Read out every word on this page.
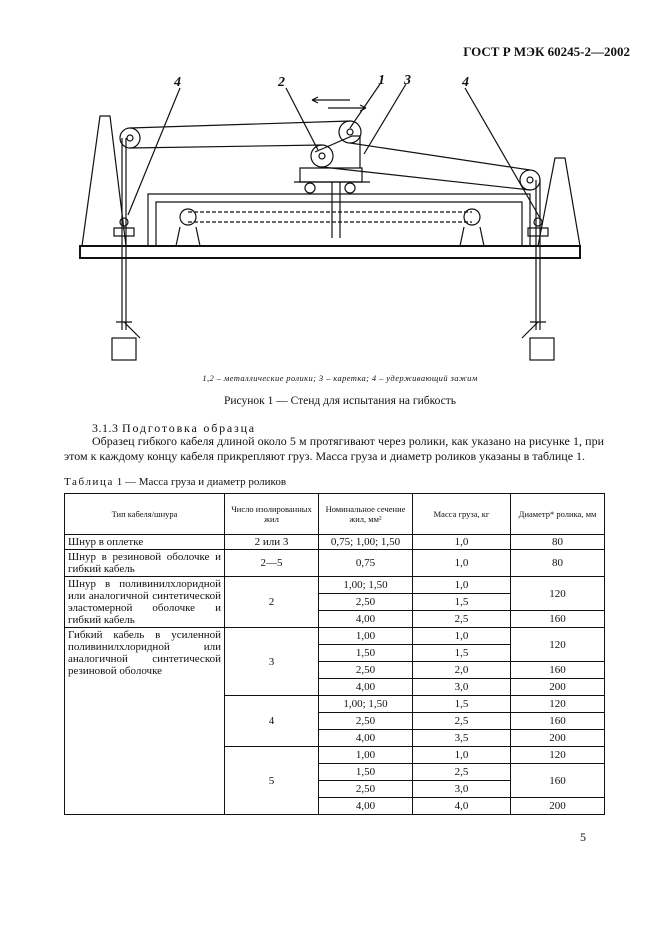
ГОСТ Р МЭК 60245-2—2002
4	2	1 3	4
1,2 – металлические ролики; 3 – каретка; 4 – удерживающий зажим
Рисунок 1 — Стенд для испытания на гибкость
3.1.3 Подготовка образца
Образец гибкого кабеля длиной около 5 м протягивают через ролики, как указано на рисунке 1, при этом к каждому концу кабеля прикрепляют груз. Масса груза и диаметр роликов указаны в таблице 1.
Таблица 1 — Масса груза и диаметр роликов
Тип кабеля/шнура	Число изолированных жил	Номинальное сечение жил, мм²	Масса груза, кг	Диаметр* ролика, мм
Шнур в оплетке	2 или 3	0,75; 1,00; 1,50	1,0	80
Шнур в резиновой оболочке и гибкий кабель	2—5	0,75	1,0	80
Шнур в поливинилхлоридной или аналогичной синтетической эластомерной оболочке и гибкий кабель	2	1,00; 1,50	1,0	120
		2,50	1,5	
		4,00	2,5	160
Гибкий кабель в усиленной поливинилхлоридной или аналогичной синтетической резиновой оболочке	3	1,00	1,0	120
		1,50	1,5	
		2,50	2,0	160
		4,00	3,0	200
	4	1,00; 1,50	1,5	120
		2,50	2,5	160
		4,00	3,5	200
	5	1,00	1,0	120
		1,50	2,5	160
		2,50	3,0	
		4,00	4,0	200
5
